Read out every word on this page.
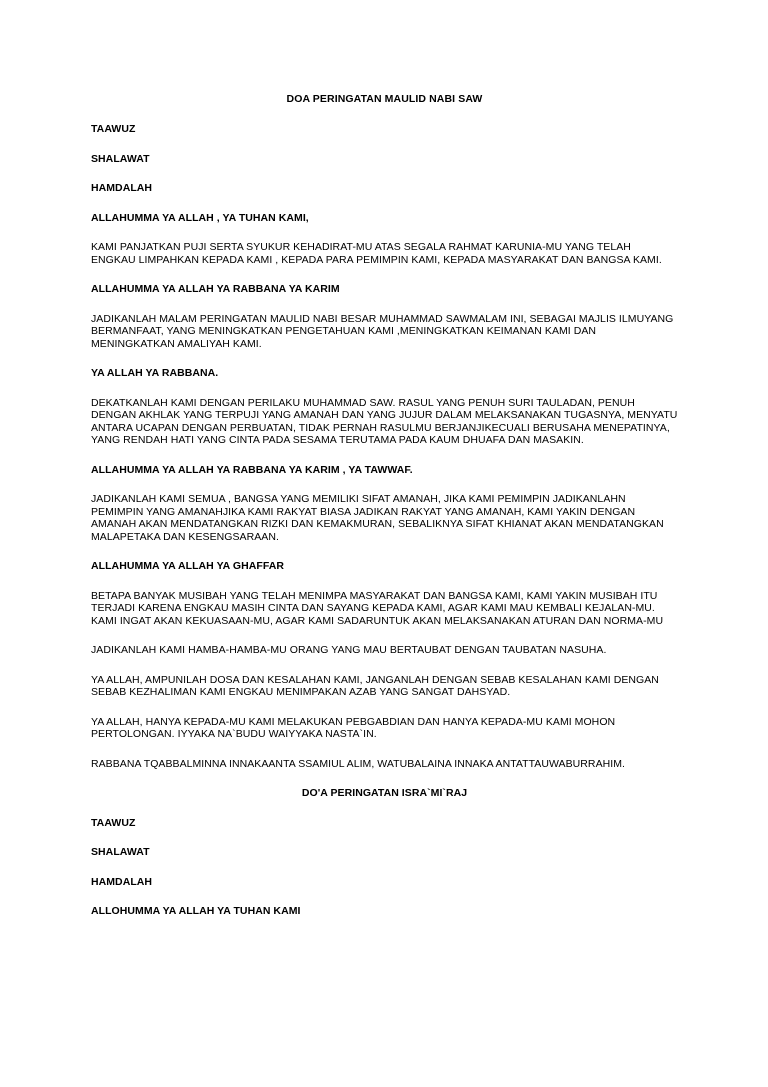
DOA PERINGATAN MAULID NABI SAW
TAAWUZ
SHALAWAT
HAMDALAH
ALLAHUMMA YA ALLAH , YA TUHAN KAMI,
KAMI PANJATKAN PUJI SERTA SYUKUR KEHADIRAT-MU ATAS SEGALA RAHMAT KARUNIA-MU YANG TELAH ENGKAU LIMPAHKAN KEPADA KAMI , KEPADA PARA PEMIMPIN KAMI, KEPADA MASYARAKAT DAN BANGSA KAMI.
ALLAHUMMA YA ALLAH YA RABBANA YA KARIM
JADIKANLAH MALAM PERINGATAN MAULID NABI BESAR MUHAMMAD SAWMALAM INI, SEBAGAI MAJLIS ILMUYANG BERMANFAAT, YANG MENINGKATKAN PENGETAHUAN KAMI ,MENINGKATKAN KEIMANAN KAMI DAN MENINGKATKAN AMALIYAH KAMI.
YA ALLAH YA RABBANA.
DEKATKANLAH KAMI DENGAN PERILAKU MUHAMMAD SAW. RASUL YANG PENUH SURI TAULADAN, PENUH DENGAN AKHLAK YANG TERPUJI YANG AMANAH DAN YANG JUJUR DALAM MELAKSANAKAN TUGASNYA, MENYATU ANTARA UCAPAN DENGAN PERBUATAN, TIDAK PERNAH RASULMU BERJANJIKECUALI BERUSAHA MENEPATINYA, YANG RENDAH HATI YANG CINTA PADA SESAMA TERUTAMA PADA KAUM DHUAFA DAN MASAKIN.
ALLAHUMMA YA ALLAH YA RABBANA YA KARIM , YA TAWWAF.
JADIKANLAH KAMI SEMUA , BANGSA YANG MEMILIKI SIFAT AMANAH, JIKA KAMI PEMIMPIN JADIKANLAHN PEMIMPIN YANG AMANAHJIKA KAMI RAKYAT BIASA JADIKAN RAKYAT YANG AMANAH, KAMI YAKIN DENGAN AMANAH AKAN MENDATANGKAN RIZKI DAN KEMAKMURAN, SEBALIKNYA SIFAT KHIANAT AKAN MENDATANGKAN MALAPETAKA DAN KESENGSARAAN.
ALLAHUMMA YA ALLAH YA GHAFFAR
BETAPA BANYAK MUSIBAH YANG TELAH MENIMPA MASYARAKAT DAN BANGSA KAMI, KAMI YAKIN MUSIBAH ITU TERJADI KARENA ENGKAU MASIH CINTA DAN SAYANG KEPADA KAMI, AGAR KAMI MAU KEMBALI KEJALAN-MU. KAMI INGAT AKAN KEKUASAAN-MU, AGAR KAMI SADARUNTUK AKAN MELAKSANAKAN ATURAN DAN NORMA-MU
JADIKANLAH KAMI HAMBA-HAMBA-MU ORANG YANG MAU BERTAUBAT DENGAN TAUBATAN NASUHA.
YA ALLAH, AMPUNILAH DOSA DAN KESALAHAN KAMI, JANGANLAH DENGAN SEBAB KESALAHAN KAMI DENGAN SEBAB KEZHALIMAN KAMI ENGKAU MENIMPAKAN AZAB YANG SANGAT DAHSYAD.
YA ALLAH, HANYA KEPADA-MU KAMI MELAKUKAN PEBGABDIAN DAN HANYA KEPADA-MU KAMI MOHON PERTOLONGAN. IYYAKA NA`BUDU WAIYYAKA NASTA`IN.
RABBANA TQABBALMINNA INNAKAANTA SSAMIUL ALIM, WATUBALAINA INNAKA ANTATTAUWABURRAHIM.
DO'A PERINGATAN ISRA`MI`RAJ
TAAWUZ
SHALAWAT
HAMDALAH
ALLOHUMMA YA ALLAH YA TUHAN KAMI
